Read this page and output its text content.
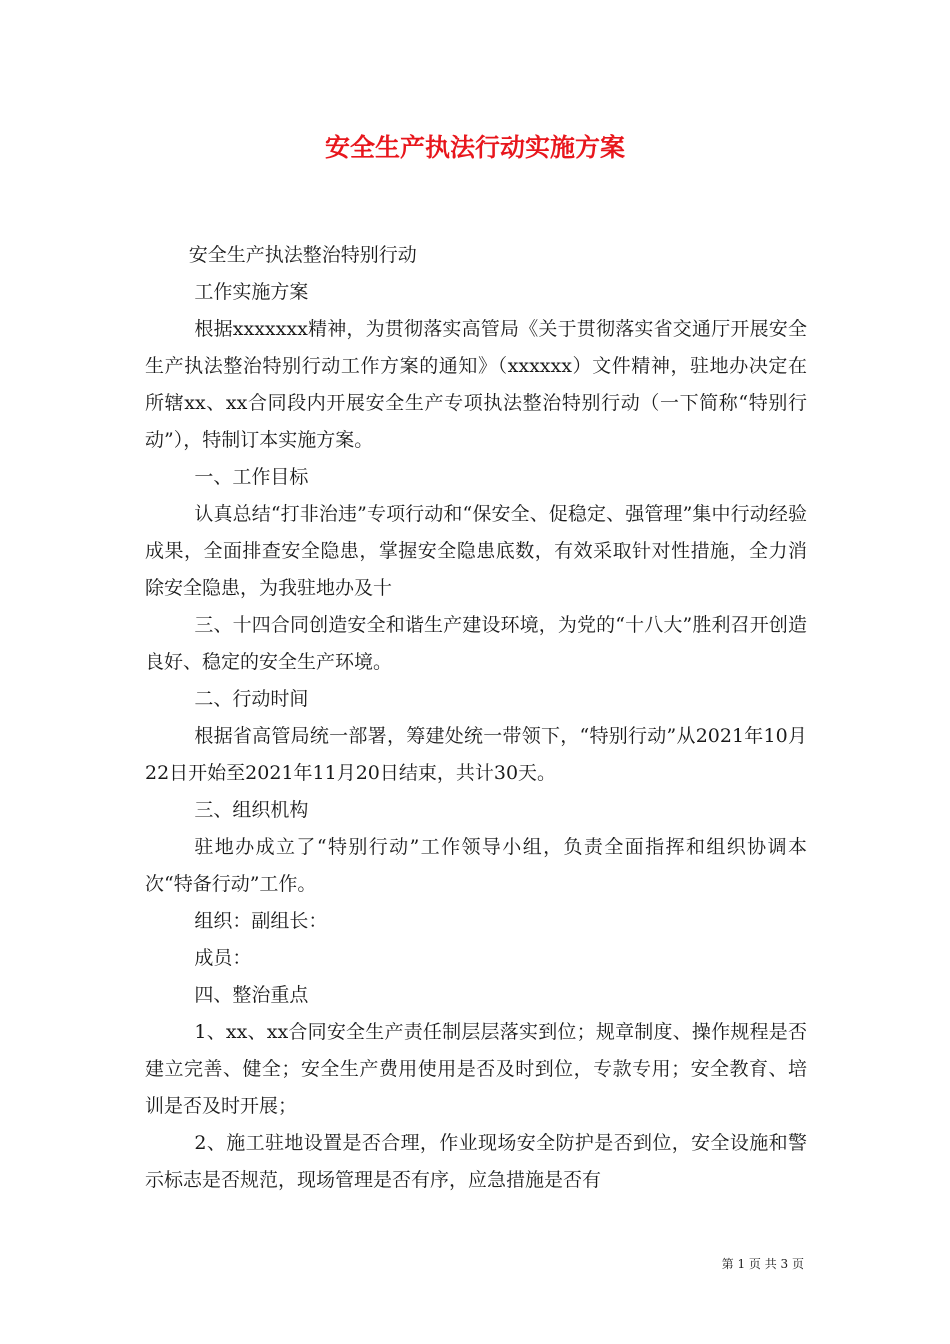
安全生产执法行动实施方案

安全生产执法整治特别行动

工作实施方案

根据xxxxxxx精神，为贯彻落实高管局《关于贯彻落实省交通厅开展安全生产执法整治特别行动工作方案的通知》（xxxxxx）文件精神，驻地办决定在所辖xx、xx合同段内开展安全生产专项执法整治特别行动（一下简称“特别行动”），特制订本实施方案。

一、工作目标

认真总结“打非治违”专项行动和“保安全、促稳定、强管理”集中行动经验成果，全面排查安全隐患，掌握安全隐患底数，有效采取针对性措施，全力消除安全隐患，为我驻地办及十

三、十四合同创造安全和谐生产建设环境，为党的“十八大”胜利召开创造良好、稳定的安全生产环境。

二、行动时间

根据省高管局统一部署，筹建处统一带领下，“特别行动”从2021年10月22日开始至2021年11月20日结束，共计30天。

三、组织机构

驻地办成立了“特别行动”工作领导小组，负责全面指挥和组织协调本次“特备行动”工作。

组织：副组长：

成员：

四、整治重点

1、xx、xx合同安全生产责任制层层落实到位；规章制度、操作规程是否建立完善、健全；安全生产费用使用是否及时到位，专款专用；安全教育、培训是否及时开展；

2、施工驻地设置是否合理，作业现场安全防护是否到位，安全设施和警示标志是否规范，现场管理是否有序，应急措施是否有

第 1 页 共 3 页
